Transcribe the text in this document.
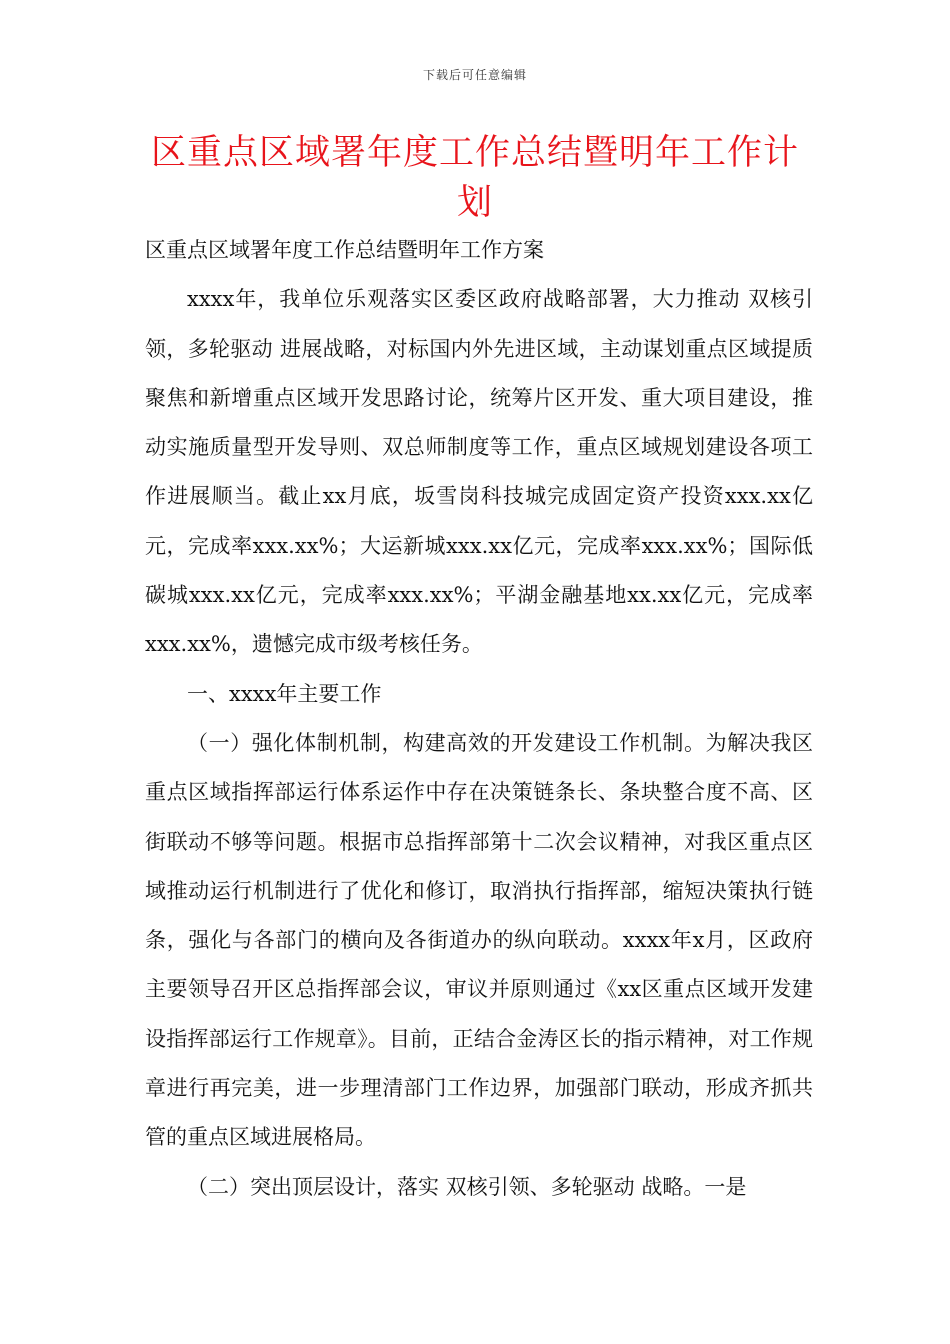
下载后可任意编辑
区重点区域署年度工作总结暨明年工作计划

区重点区域署年度工作总结暨明年工作方案

xxxx年，我单位乐观落实区委区政府战略部署，大力推动 双核引领，多轮驱动 进展战略，对标国内外先进区域，主动谋划重点区域提质聚焦和新增重点区域开发思路讨论，统筹片区开发、重大项目建设，推动实施质量型开发导则、双总师制度等工作，重点区域规划建设各项工作进展顺当。截止xx月底，坂雪岗科技城完成固定资产投资xxx.xx亿元，完成率xxx.xx%；大运新城xxx.xx亿元，完成率xxx.xx%；国际低碳城xxx.xx亿元，完成率xxx.xx%；平湖金融基地xx.xx亿元，完成率xxx.xx%，遗憾完成市级考核任务。

一、xxxx年主要工作

（一）强化体制机制，构建高效的开发建设工作机制。为解决我区重点区域指挥部运行体系运作中存在决策链条长、条块整合度不高、区街联动不够等问题。根据市总指挥部第十二次会议精神，对我区重点区域推动运行机制进行了优化和修订，取消执行指挥部，缩短决策执行链条，强化与各部门的横向及各街道办的纵向联动。xxxx年x月，区政府主要领导召开区总指挥部会议，审议并原则通过《xx区重点区域开发建设指挥部运行工作规章》。目前，正结合金涛区长的指示精神，对工作规章进行再完美，进一步理清部门工作边界，加强部门联动，形成齐抓共管的重点区域进展格局。

（二）突出顶层设计，落实 双核引领、多轮驱动 战略。一是
